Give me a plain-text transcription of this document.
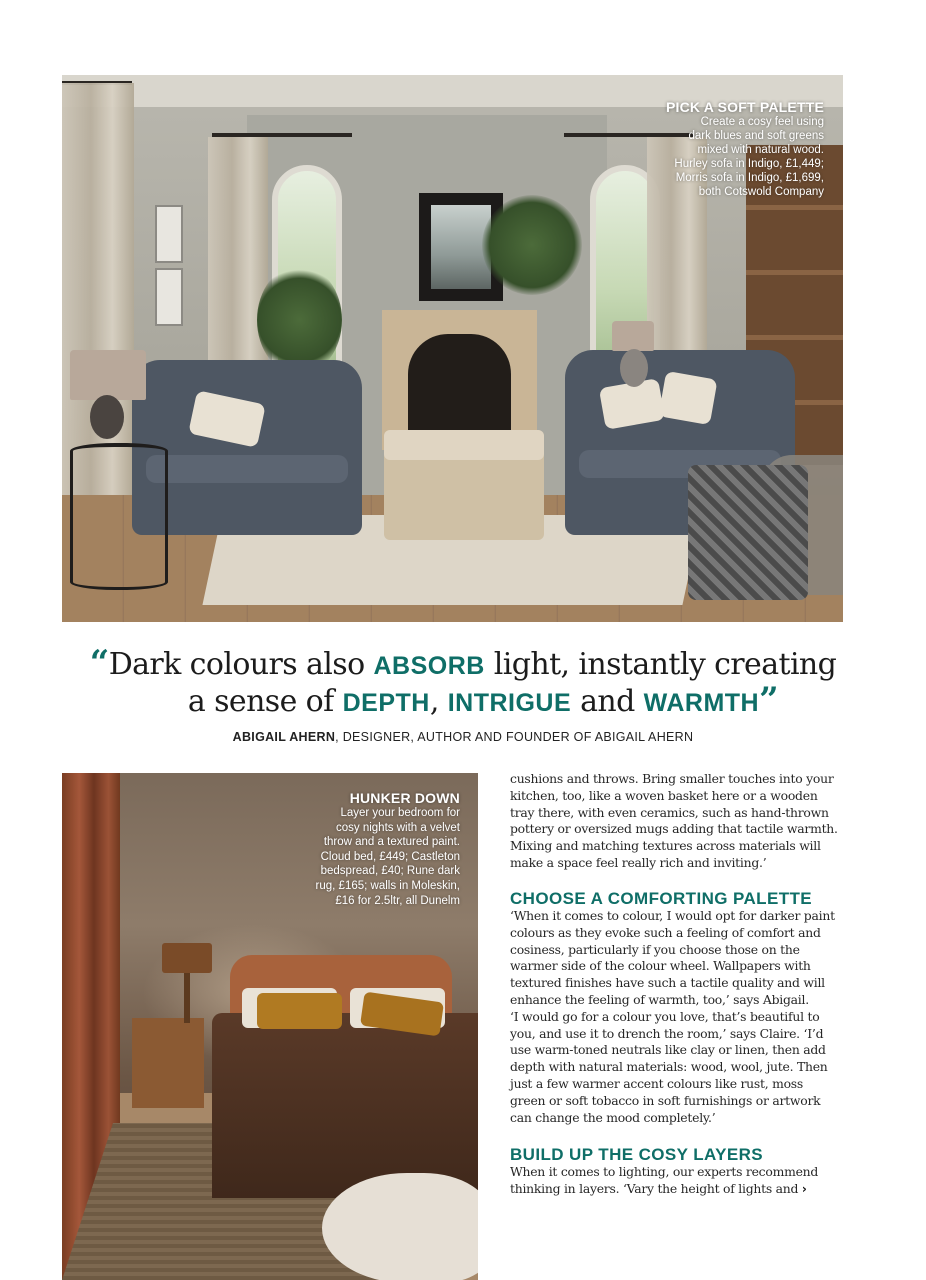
PICK A SOFT PALETTE
Create a cosy feel using
dark blues and soft greens
mixed with natural wood.
Hurley sofa in Indigo, £1,449;
Morris sofa in Indigo, £1,699,
both Cotswold Company
“Dark colours also ABSORB light, instantly creating
a sense of DEPTH, INTRIGUE and WARMTH”
ABIGAIL AHERN, DESIGNER, AUTHOR AND FOUNDER OF ABIGAIL AHERN
HUNKER DOWN
Layer your bedroom for
cosy nights with a velvet
throw and a textured paint.
Cloud bed, £449; Castleton
bedspread, £40; Rune dark
rug, £165; walls in Moleskin,
£16 for 2.5ltr, all Dunelm
cushions and throws. Bring smaller touches into your
kitchen, too, like a woven basket here or a wooden
tray there, with even ceramics, such as hand-thrown
pottery or oversized mugs adding that tactile warmth.
Mixing and matching textures across materials will
make a space feel really rich and inviting.’
CHOOSE A COMFORTING PALETTE
‘When it comes to colour, I would opt for darker paint
colours as they evoke such a feeling of comfort and
cosiness, particularly if you choose those on the
warmer side of the colour wheel. Wallpapers with
textured finishes have such a tactile quality and will
enhance the feeling of warmth, too,’ says Abigail.
‘I would go for a colour you love, that’s beautiful to
you, and use it to drench the room,’ says Claire. ‘I’d
use warm-toned neutrals like clay or linen, then add
depth with natural materials: wood, wool, jute. Then
just a few warmer accent colours like rust, moss
green or soft tobacco in soft furnishings or artwork
can change the mood completely.’
BUILD UP THE COSY LAYERS
When it comes to lighting, our experts recommend
thinking in layers. ‘Vary the height of lights and ›
